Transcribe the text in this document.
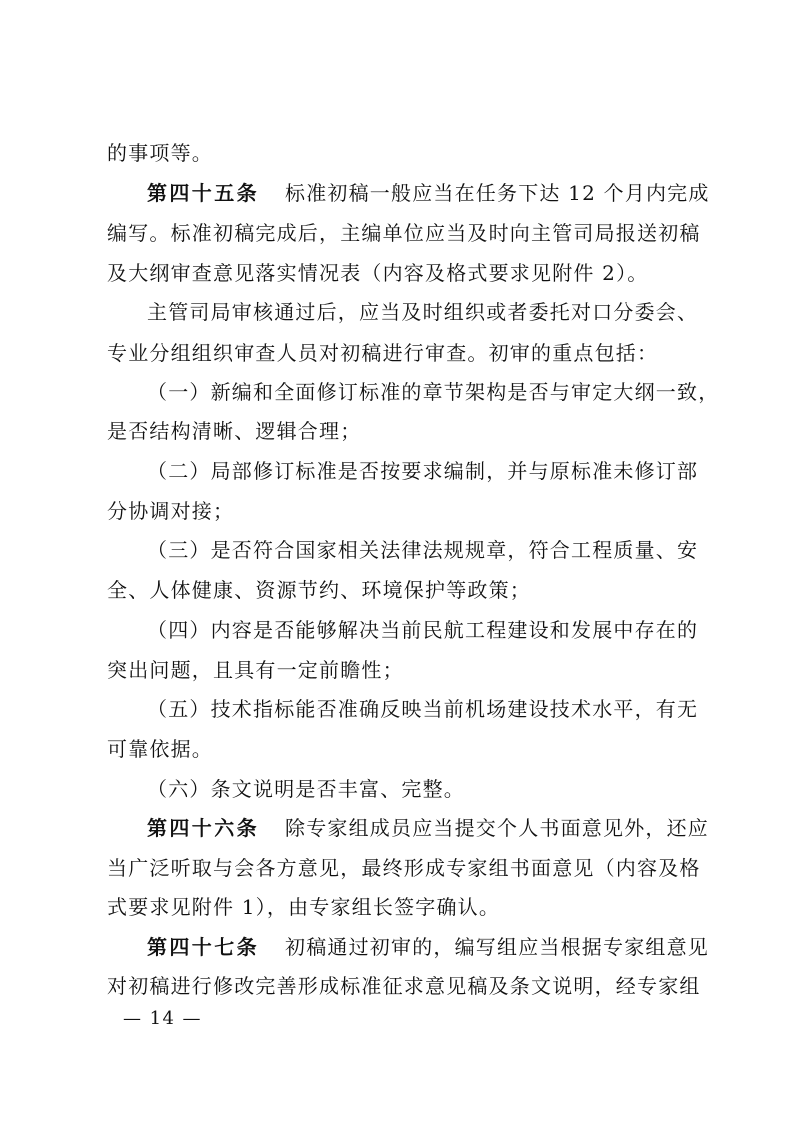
的事项等。
第四十五条 标准初稿一般应当在任务下达 12 个月内完成
编写。标准初稿完成后，主编单位应当及时向主管司局报送初稿
及大纲审查意见落实情况表（内容及格式要求见附件 2）。
主管司局审核通过后，应当及时组织或者委托对口分委会、
专业分组组织审查人员对初稿进行审查。初审的重点包括：
（一）新编和全面修订标准的章节架构是否与审定大纲一致，
是否结构清晰、逻辑合理；
（二）局部修订标准是否按要求编制，并与原标准未修订部
分协调对接；
（三）是否符合国家相关法律法规规章，符合工程质量、安
全、人体健康、资源节约、环境保护等政策；
（四）内容是否能够解决当前民航工程建设和发展中存在的
突出问题，且具有一定前瞻性；
（五）技术指标能否准确反映当前机场建设技术水平，有无
可靠依据。
（六）条文说明是否丰富、完整。
第四十六条 除专家组成员应当提交个人书面意见外，还应
当广泛听取与会各方意见，最终形成专家组书面意见（内容及格
式要求见附件 1），由专家组长签字确认。
第四十七条 初稿通过初审的，编写组应当根据专家组意见
对初稿进行修改完善形成标准征求意见稿及条文说明，经专家组
— 14 —
